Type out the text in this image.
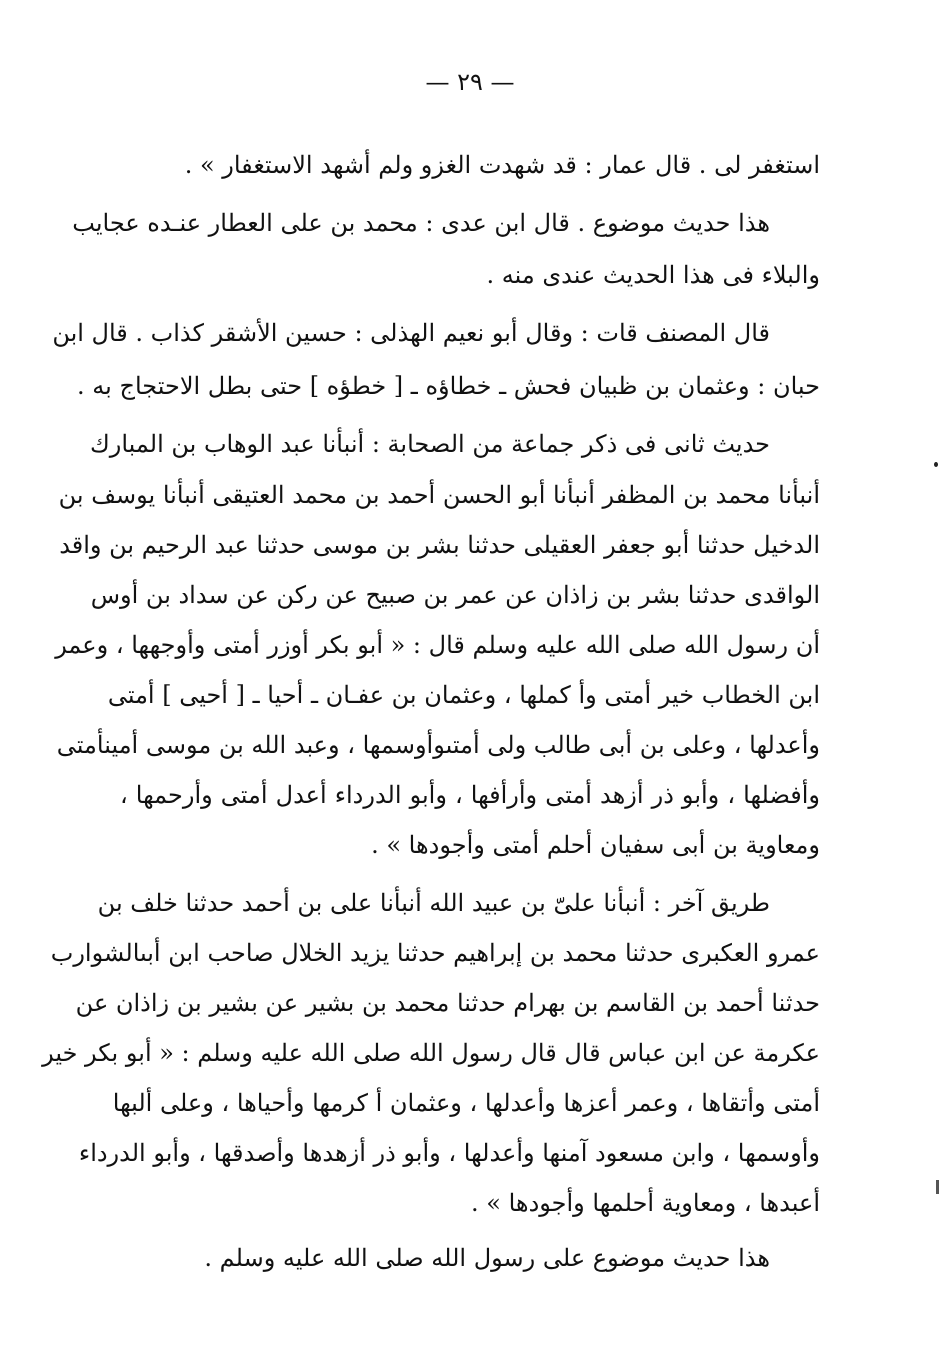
— ٢٩ —
استغفر لى . قال عمار : قد شهدت الغزو ولم أشهد الاستغفار » .
هذا حديث موضوع . قال ابن عدى : محمد بن على العطار عنـده عجايب
والبلاء فى هذا الحديث عندى منه .
قال المصنف قات : وقال أبو نعيم الهذلى : حسين الأشقر كذاب . قال ابن
حبان : وعثمان بن ظبيان فحش ـ خطاؤه ـ [ خطؤه ] حتى بطل الاحتجاج به .
حديث ثانى فى ذكر جماعة من الصحابة : أنبأنا عبد الوهاب بن المبارك
أنبأنا محمد بن المظفر أنبأنا أبو الحسن أحمد بن محمد العتيقى أنبأنا يوسف بن
الدخيل حدثنا أبو جعفر العقيلى حدثنا بشر بن موسى حدثنا عبد الرحيم بن واقد
الواقدى حدثنا بشر بن زاذان عن عمر بن صبيح عن ركن عن سداد بن أوس
أن رسول الله صلى الله عليه وسلم قال : « أبو بكر أوزر أمتى وأوجهها ، وعمر
ابن الخطاب خير أمتى وأ كملها ، وعثمان بن عفـان ـ أحيا ـ [ أحيى ] أمتى
وأعدلها ، وعلى بن أبى طالب ولى أمتىوأوسمها ، وعبد الله بن موسى أمينأمتى
وأفضلها ، وأبو ذر أزهد أمتى وأرأفها ، وأبو الدرداء أعدل أمتى وأرحمها ،
ومعاوية بن أبى سفيان أحلم أمتى وأجودها » .
طريق آخر : أنبأنا علىّ بن عبيد الله أنبأنا على بن أحمد حدثنا خلف بن
عمرو العكبرى حدثنا محمد بن إبراهيم حدثنا يزيد الخلال صاحب ابن أبىالشوارب
حدثنا أحمد بن القاسم بن بهرام حدثنا محمد بن بشير عن بشير بن زاذان عن
عكرمة عن ابن عباس قال قال رسول الله صلى الله عليه وسلم : « أبو بكر خير
أمتى وأتقاها ، وعمر أعزها وأعدلها ، وعثمان أ كرمها وأحياها ، وعلى ألبها
وأوسمها ، وابن مسعود آمنها وأعدلها ، وأبو ذر أزهدها وأصدقها ، وأبو الدرداء
أعبدها ، ومعاوية أحلمها وأجودها » .
هذا حديث موضوع على رسول الله صلى الله عليه وسلم .
